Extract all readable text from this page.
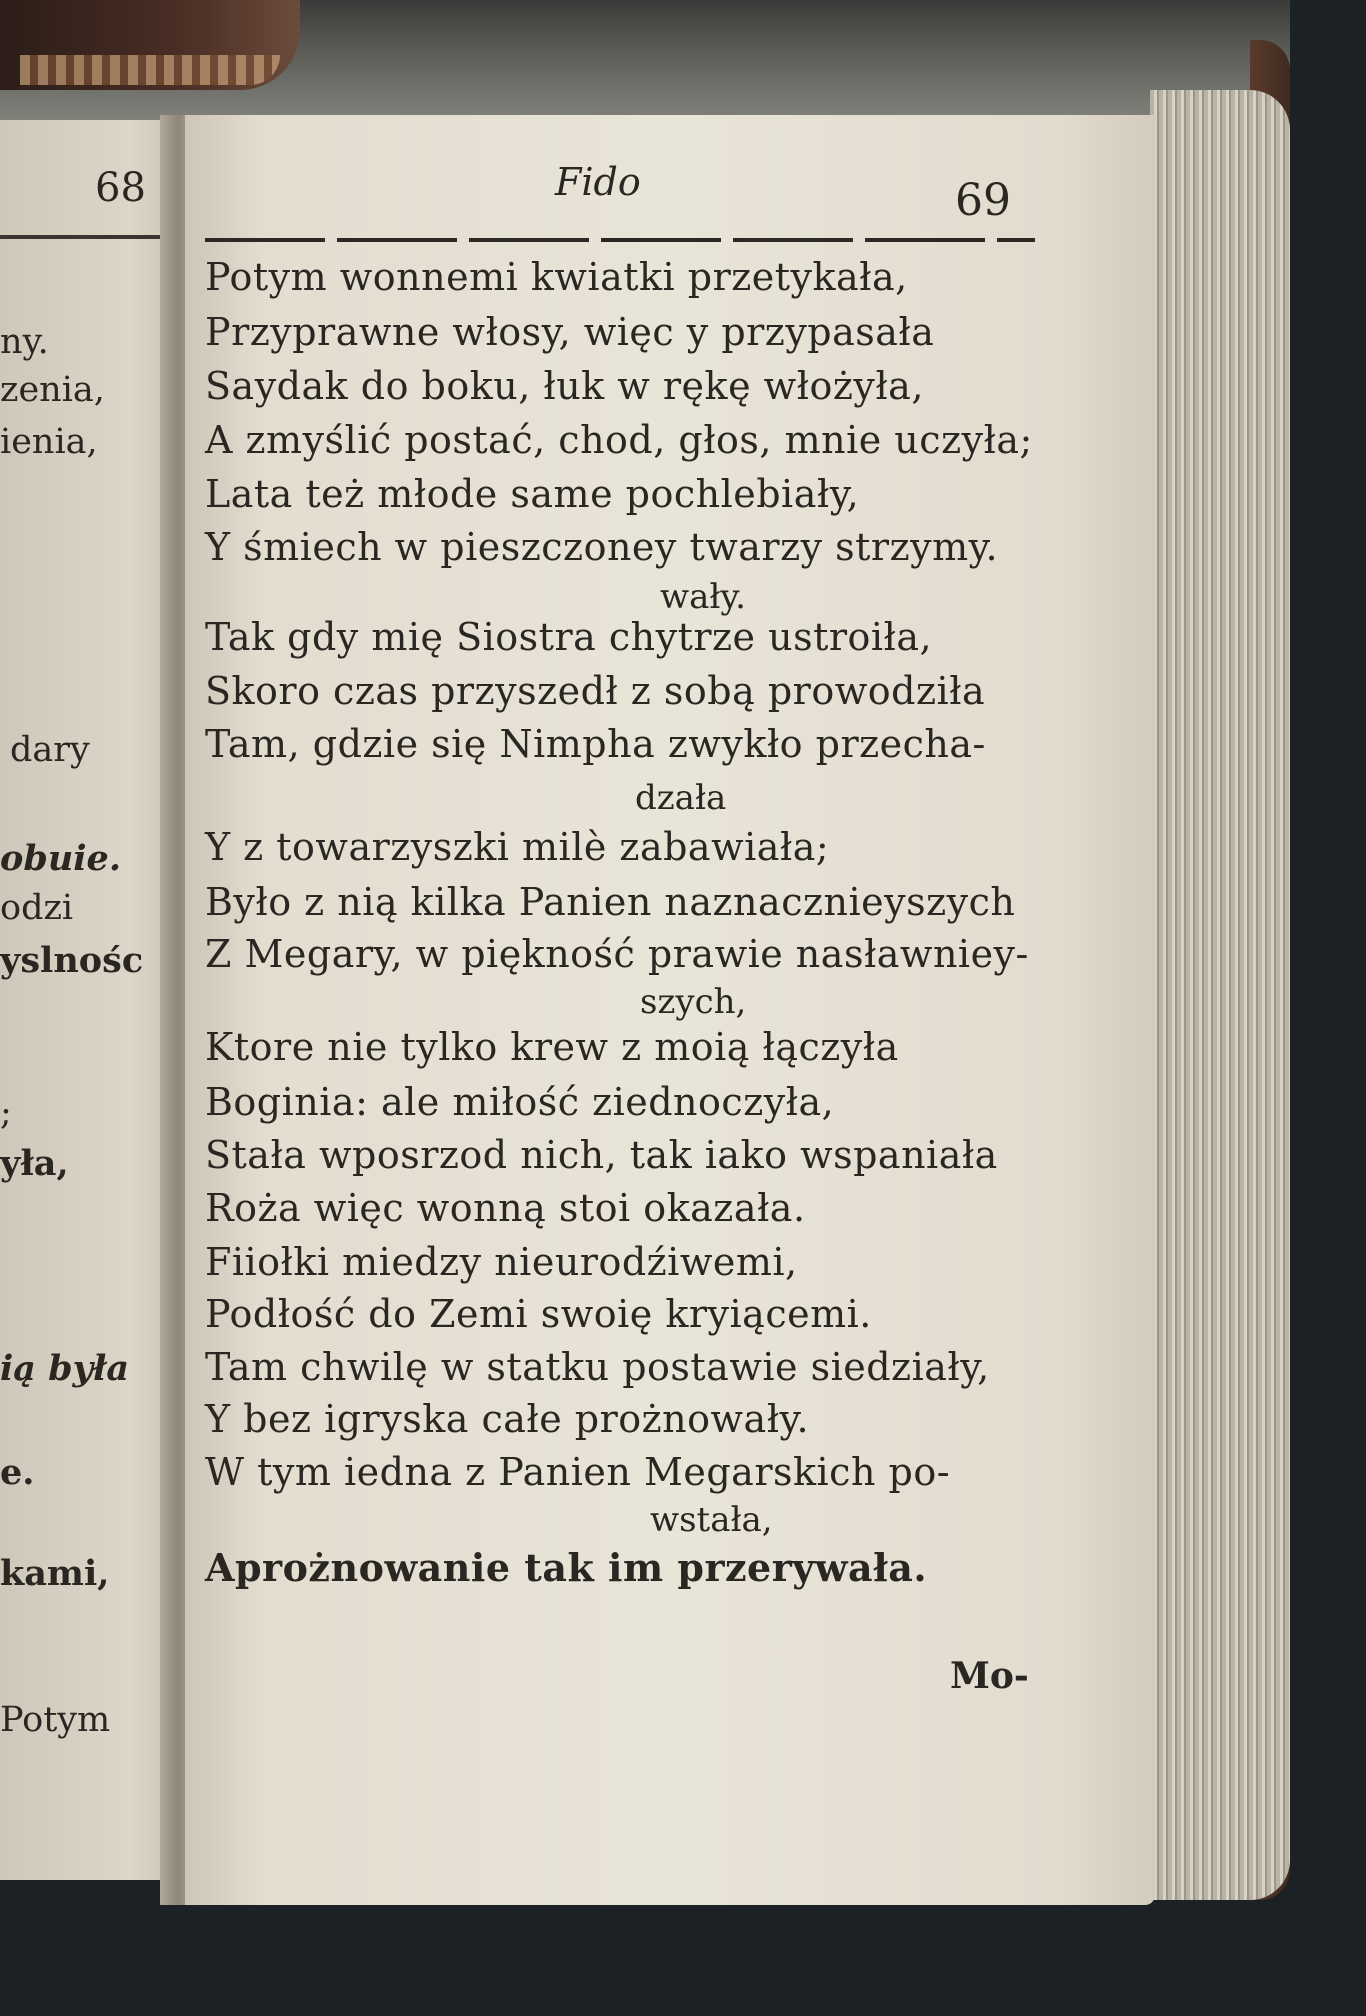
68
ny.
zenia,
ienia,
dary
obuie.
odzi
yslnośc
;
yła,
ią była
e.
kami,
Potym
Fido	69
Potym wonnemi kwiatki przetykała,
Przyprawne włosy, więc y przypasała
Saydak do boku, łuk w rękę włożyła,
A zmyślić postać, chod, głos, mnie uczyła;
Lata też młode same pochlebiały,
Y śmiech w pieszczoney twarzy strzymy.
wały.
Tak gdy mię Siostra chytrze ustroiła,
Skoro czas przyszedł z sobą prowodziła
Tam, gdzie się Nimpha zwykło przecha-
dzała
Y z towarzyszki milè zabawiała;
Było z nią kilka Panien naznacznieyszych
Z Megary, w piękność prawie nasławniey-
szych,
Ktore nie tylko krew z moią łączyła
Boginia: ale miłość ziednoczyła,
Stała wposrzod nich, tak iako wspaniała
Roża więc wonną stoi okazała.
Fiiołki miedzy nieurodźiwemi,
Podłość do Zemi swoię kryiącemi.
Tam chwilę w statku postawie siedziały,
Y bez igryska całe prożnowały.
W tym iedna z Panien Megarskich po-
wstała,
Aprożnowanie tak im przerywała.
Mo-
